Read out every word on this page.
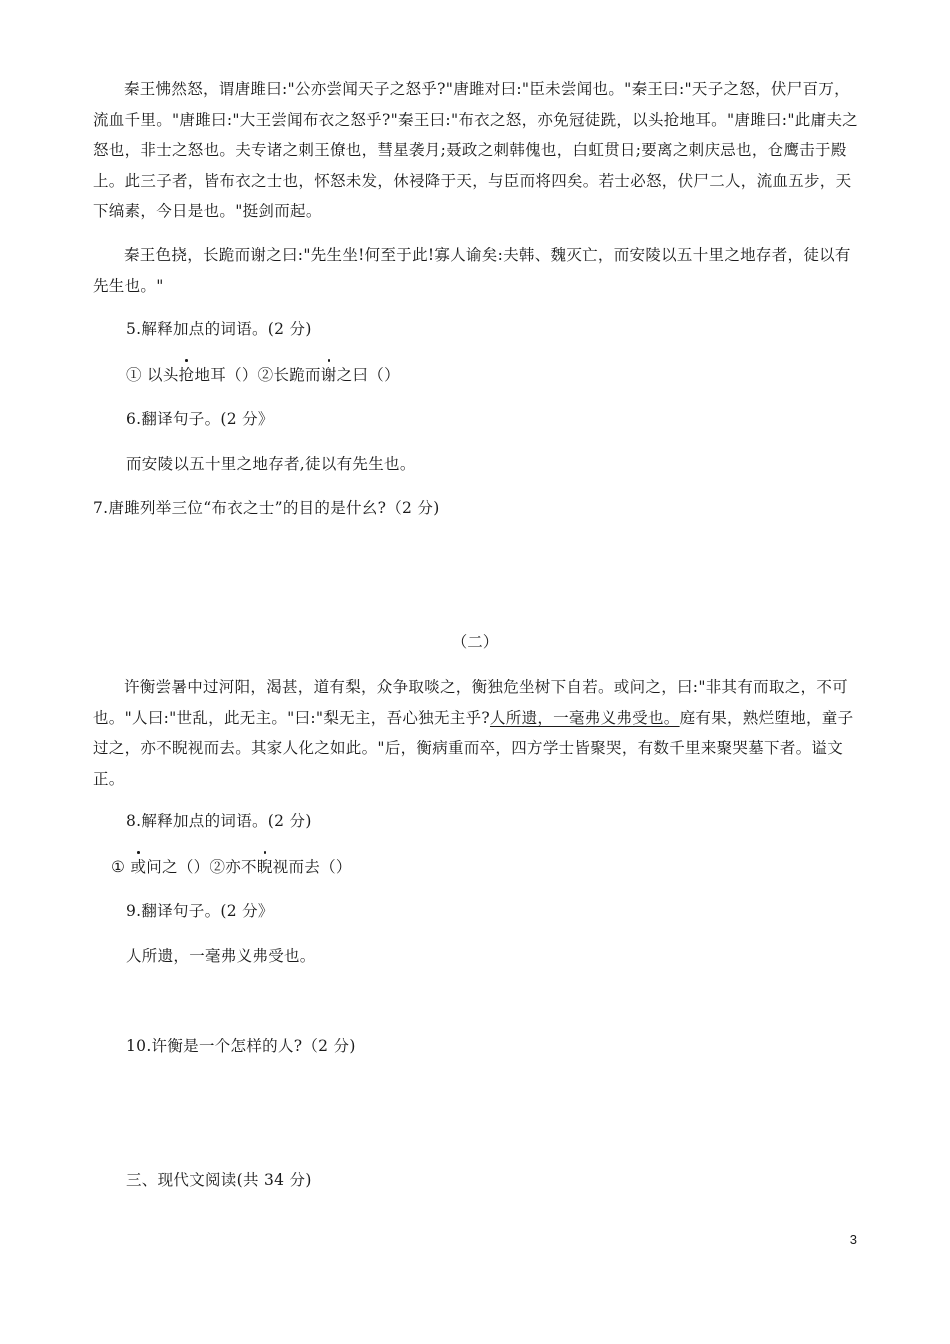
秦王怫然怒，谓唐雎曰:"公亦尝闻天子之怒乎?"唐雎对曰:"臣未尝闻也。"秦王曰:"天子之怒，伏尸百万，流血千里。"唐雎曰:"大王尝闻布衣之怒乎?"秦王曰:"布衣之怒，亦免冠徒跣，以头抢地耳。"唐雎曰:"此庸夫之怒也，非士之怒也。夫专诸之刺王僚也，彗星袭月;聂政之刺韩傀也，白虹贯日;要离之刺庆忌也，仓鹰击于殿上。此三子者，皆布衣之士也，怀怒未发，休祲降于天，与臣而将四矣。若士必怒，伏尸二人，流血五步，天下缟素，今日是也。"挺剑而起。

秦王色挠，长跪而谢之曰:"先生坐!何至于此!寡人谕矣:夫韩、魏灭亡，而安陵以五十里之地存者，徒以有先生也。"

5.解释加点的词语。(2 分)

① 以头抢地耳（）②长跪而谢之曰（）

6.翻译句子。(2 分》

而安陵以五十里之地存者,徒以有先生也。

7.唐雎列举三位“布衣之士”的目的是什幺?（2 分)

（二）

许衡尝暑中过河阳，渴甚，道有梨，众争取啖之，衡独危坐树下自若。或问之，曰:"非其有而取之，不可也。"人曰:"世乱，此无主。"曰:"梨无主，吾心独无主乎?人所遗，一毫弗义弗受也。庭有果，熟烂堕地，童子过之，亦不睨视而去。其家人化之如此。"后，衡病重而卒，四方学士皆聚哭，有数千里来聚哭墓下者。谥文正。

8.解释加点的词语。(2 分)

① 或问之（）②亦不睨视而去（）

9.翻译句子。(2 分》

人所遗，一毫弗义弗受也。

10.许衡是一个怎样的人?（2 分)

三、现代文阅读(共 34 分)

3
